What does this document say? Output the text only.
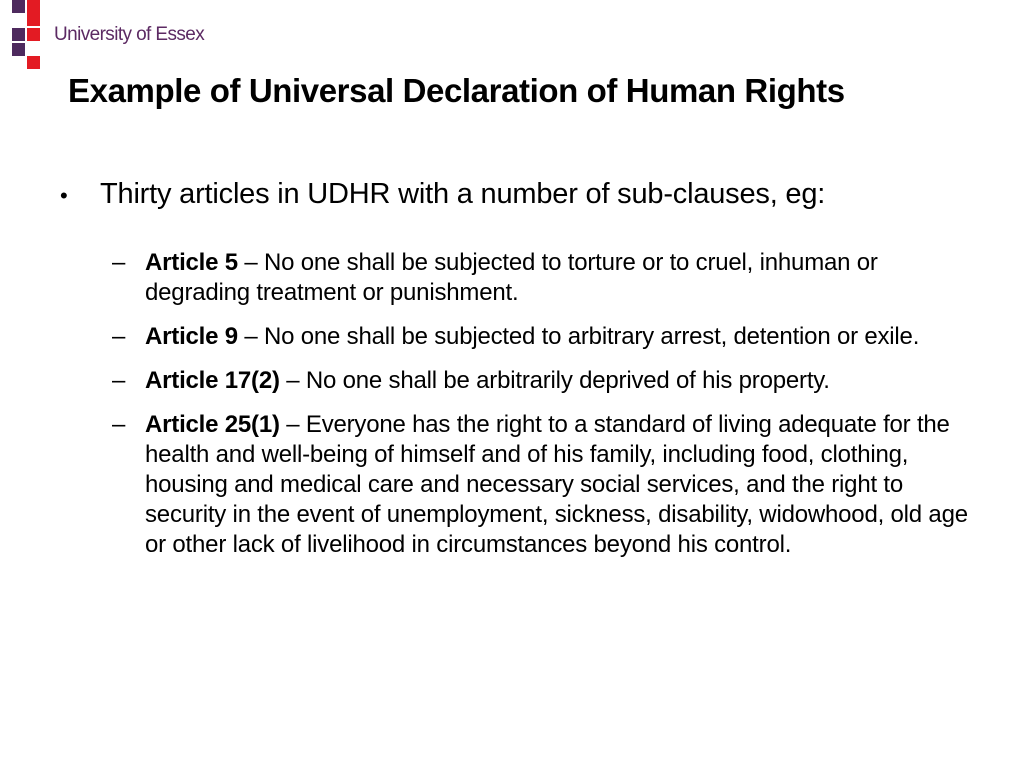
University of Essex
Example of Universal Declaration of Human Rights
•	Thirty articles in UDHR with a number of sub-clauses, eg:
– Article 5 – No one shall be subjected to torture or to cruel, inhuman or degrading treatment or punishment.
– Article 9 – No one shall be subjected to arbitrary arrest, detention or exile.
– Article 17(2) – No one shall be arbitrarily deprived of his property.
– Article 25(1) – Everyone has the right to a standard of living adequate for the health and well-being of himself and of his family, including food, clothing, housing and medical care and necessary social services, and the right to security in the event of unemployment, sickness, disability, widowhood, old age or other lack of livelihood in circumstances beyond his control.
